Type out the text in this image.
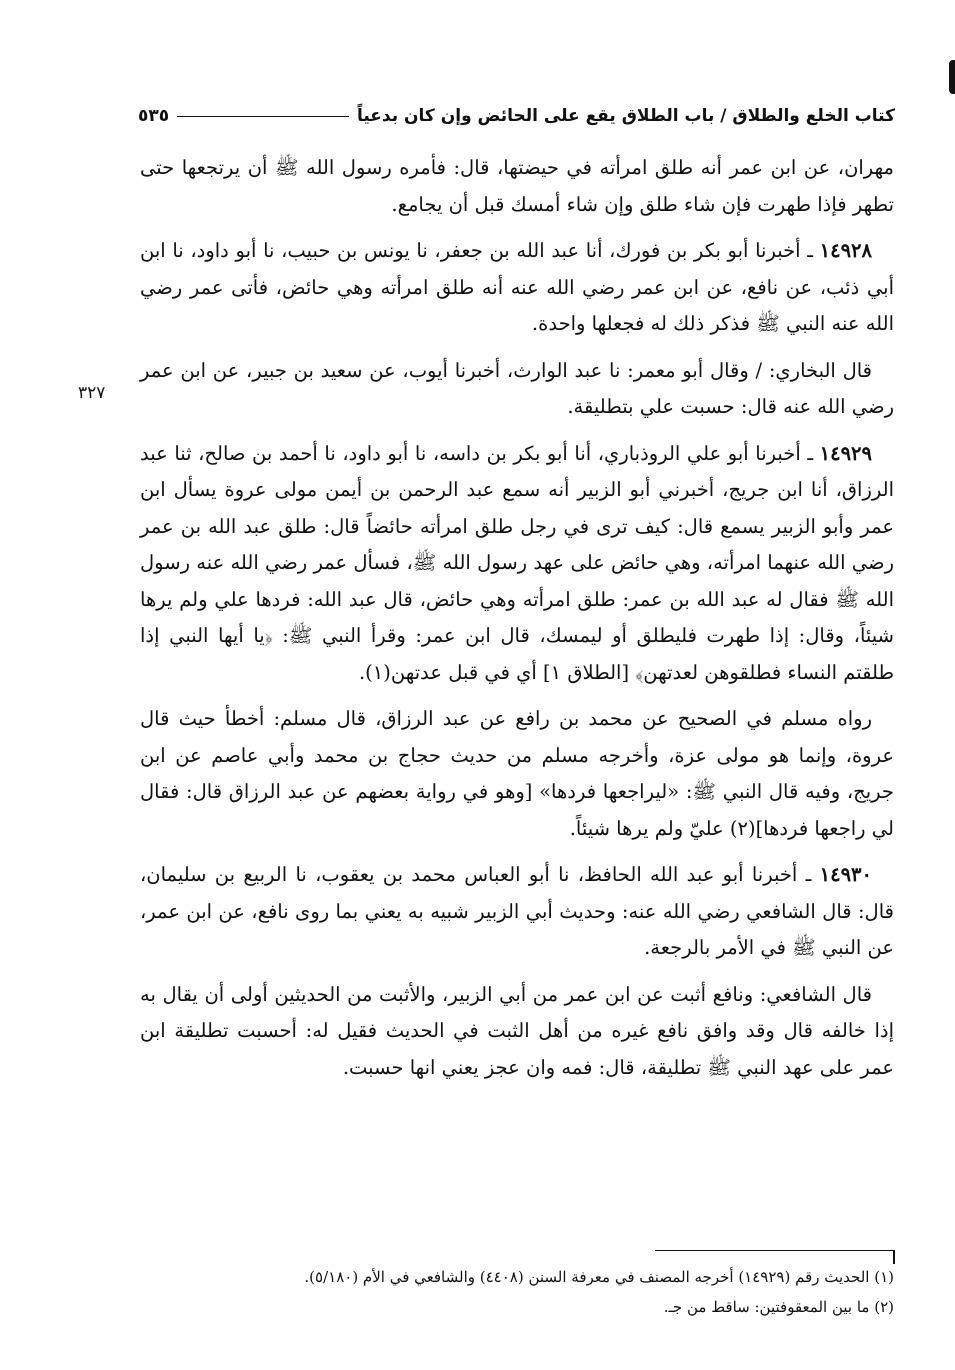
كتاب الخلع والطلاق / باب الطلاق يقع على الحائض وإن كان بدعياً
٥٣٥

مهران، عن ابن عمر أنه طلق امرأته في حيضتها، قال: فأمره رسول الله ﷺ أن يرتجعها حتى تطهر فإذا طهرت فإن شاء طلق وإن شاء أمسك قبل أن يجامع.

١٤٩٢٨ ـ أخبرنا أبو بكر بن فورك، أنا عبد الله بن جعفر، نا يونس بن حبيب، نا أبو داود، نا ابن أبي ذئب، عن نافع، عن ابن عمر رضي الله عنه أنه طلق امرأته وهي حائض، فأتى عمر رضي الله عنه النبي ﷺ فذكر ذلك له فجعلها واحدة.

قال البخاري: / وقال أبو معمر: نا عبد الوارث، أخبرنا أيوب، عن سعيد بن جبير، عن ابن عمر رضي الله عنه قال: حسبت علي بتطليقة.

١٤٩٢٩ ـ أخبرنا أبو علي الروذباري، أنا أبو بكر بن داسه، نا أبو داود، نا أحمد بن صالح، ثنا عبد الرزاق، أنا ابن جريج، أخبرني أبو الزبير أنه سمع عبد الرحمن بن أيمن مولى عروة يسأل ابن عمر وأبو الزبير يسمع قال: كيف ترى في رجل طلق امرأته حائضاً قال: طلق عبد الله بن عمر رضي الله عنهما امرأته، وهي حائض على عهد رسول الله ﷺ، فسأل عمر رضي الله عنه رسول الله ﷺ فقال له عبد الله بن عمر: طلق امرأته وهي حائض، قال عبد الله: فردها علي ولم يرها شيئاً، وقال: إذا طهرت فليطلق أو ليمسك، قال ابن عمر: وقرأ النبي ﷺ: ﴿يا أيها النبي إذا طلقتم النساء فطلقوهن لعدتهن﴾ [الطلاق ١] أي في قبل عدتهن(١).

رواه مسلم في الصحيح عن محمد بن رافع عن عبد الرزاق، قال مسلم: أخطأ حيث قال عروة، وإنما هو مولى عزة، وأخرجه مسلم من حديث حجاج بن محمد وأبي عاصم عن ابن جريج، وفيه قال النبي ﷺ: «ليراجعها فردها» [وهو في رواية بعضهم عن عبد الرزاق قال: فقال لي راجعها فردها](٢) عليّ ولم يرها شيئاً.

١٤٩٣٠ ـ أخبرنا أبو عبد الله الحافظ، نا أبو العباس محمد بن يعقوب، نا الربيع بن سليمان، قال: قال الشافعي رضي الله عنه: وحديث أبي الزبير شبيه به يعني بما روى نافع، عن ابن عمر، عن النبي ﷺ في الأمر بالرجعة.

قال الشافعي: ونافع أثبت عن ابن عمر من أبي الزبير، والأثبت من الحديثين أولى أن يقال به إذا خالفه قال وقد وافق نافع غيره من أهل الثبت في الحديث فقيل له: أحسبت تطليقة ابن عمر على عهد النبي ﷺ تطليقة، قال: فمه وان عجز يعني انها حسبت.

٣٢٧
(١) الحديث رقم (١٤٩٢٩) أخرجه المصنف في معرفة السنن (٤٤٠٨) والشافعي في الأم (٥/١٨٠).
(٢) ما بين المعقوفتين: ساقط من جـ.
